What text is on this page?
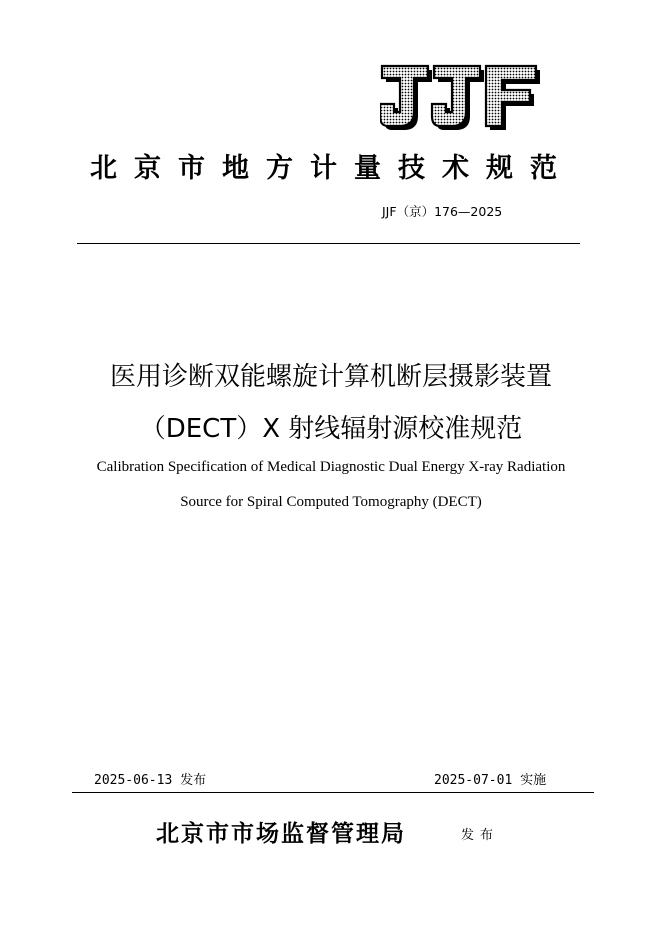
北京市地方计量技术规范
JJF（京）176—2025
医用诊断双能螺旋计算机断层摄影装置
（DECT）X 射线辐射源校准规范
Calibration Specification of Medical Diagnostic Dual Energy X-ray Radiation
Source for Spiral Computed Tomography (DECT)
2025-06-13 发布	2025-07-01 实施
北京市市场监督管理局	发布
